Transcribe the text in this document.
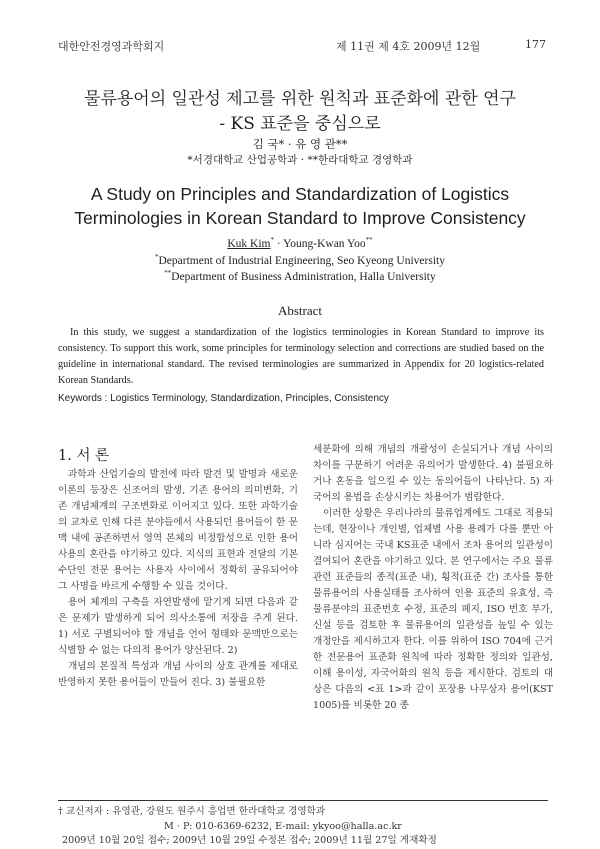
대한안전경영과학회지	제 11권 제 4호 2009년 12월	177
물류용어의 일관성 제고를 위한 원칙과 표준화에 관한 연구
- KS 표준을 중심으로
김 국* · 유 영 관**
*서경대학교 산업공학과 · **한라대학교 경영학과
A Study on Principles and Standardization of Logistics
Terminologies in Korean Standard to Improve Consistency
Kuk Kim* · Young-Kwan Yoo**
*Department of Industrial Engineering, Seo Kyeong University
**Department of Business Administration, Halla University
Abstract

In this study, we suggest a standardization of the logistics terminologies in Korean Standard to improve its consistency. To support this work, some principles for terminology selection and corrections are studied based on the guideline in international standard. The revised terminologies are summarized in Appendix for 20 logistics-related Korean Standards.

Keywords : Logistics Terminology, Standardization, Principles, Consistency
1. 서 론

과학과 산업기술의 발전에 따라 발견 및 발명과 새로운 이론의 등장은 신조어의 발생, 기존 용어의 의미변화, 기존 개념체계의 구조변화로 이어지고 있다. 또한 과학기술의 교차로 인해 다른 분야들에서 사용되던 용어들이 한 문맥 내에 공존하면서 영역 본체의 비정합성으로 인한 용어사용의 혼란을 야기하고 있다. 지식의 표현과 전달의 기본 수단인 전문 용어는 사용자 사이에서 정확히 공유되어야 그 사명을 바르게 수행할 수 있을 것이다.

용어 체계의 구축을 자연발생에 맡기게 되면 다음과 같은 문제가 발생하게 되어 의사소통에 저장을 주게 된다. 1) 서로 구별되어야 할 개념을 언어 형태와 문맥만으로는 식별할 수 없는 다의적 용어가 양산된다. 2)

개념의 본질적 특성과 개념 사이의 상호 관계를 제대로 반영하지 못한 용어들이 만들어 진다. 3) 불필요한

세분화에 의해 개념의 개괄성이 손실되거나 개념 사이의 차이를 구분하기 어려운 유의어가 발생한다. 4) 불필요하거나 혼동을 일으킬 수 있는 동의어들이 나타난다. 5) 자국어의 용법을 손상시키는 차용어가 범람한다.

이러한 상황은 우리나라의 물류업계에도 그대로 적용되는데, 현장이나 개인별, 업체별 사용 용례가 다를 뿐만 아니라 심지어는 국내 KS표준 내에서 조차 용어의 일관성이 결여되어 혼란을 야기하고 있다. 본 연구에서는 주요 물류관련 표준들의 종적(표준 내), 횡적(표준 간) 조사를 통한 물류용어의 사용실태를 조사하여 인용 표준의 유효성, 즉 물류분야의 표준번호 수정, 표준의 폐지, ISO 번호 부가, 신설 등을 검토한 후 물류용어의 일관성을 높일 수 있는 개정안을 제시하고자 한다. 이를 위하여 ISO 704에 근거한 전문용어 표준화 원칙에 따라 정확한 정의와 일관성, 이해 용이성, 자국어화의 원칙 등을 제시한다. 검토의 대상은 다음의 <표 1>과 같이 포장용 나무상자 용어(KST 1005)를 비롯한 20 종

† 교신저자 : 유영관, 강원도 원주시 흥업면 한라대학교 경영학과
M · P: 010-6369-6232, E-mail: ykyoo@halla.ac.kr
2009년 10월 20일 접수; 2009년 10월 29일 수정본 접수; 2009년 11월 27일 게재확정
